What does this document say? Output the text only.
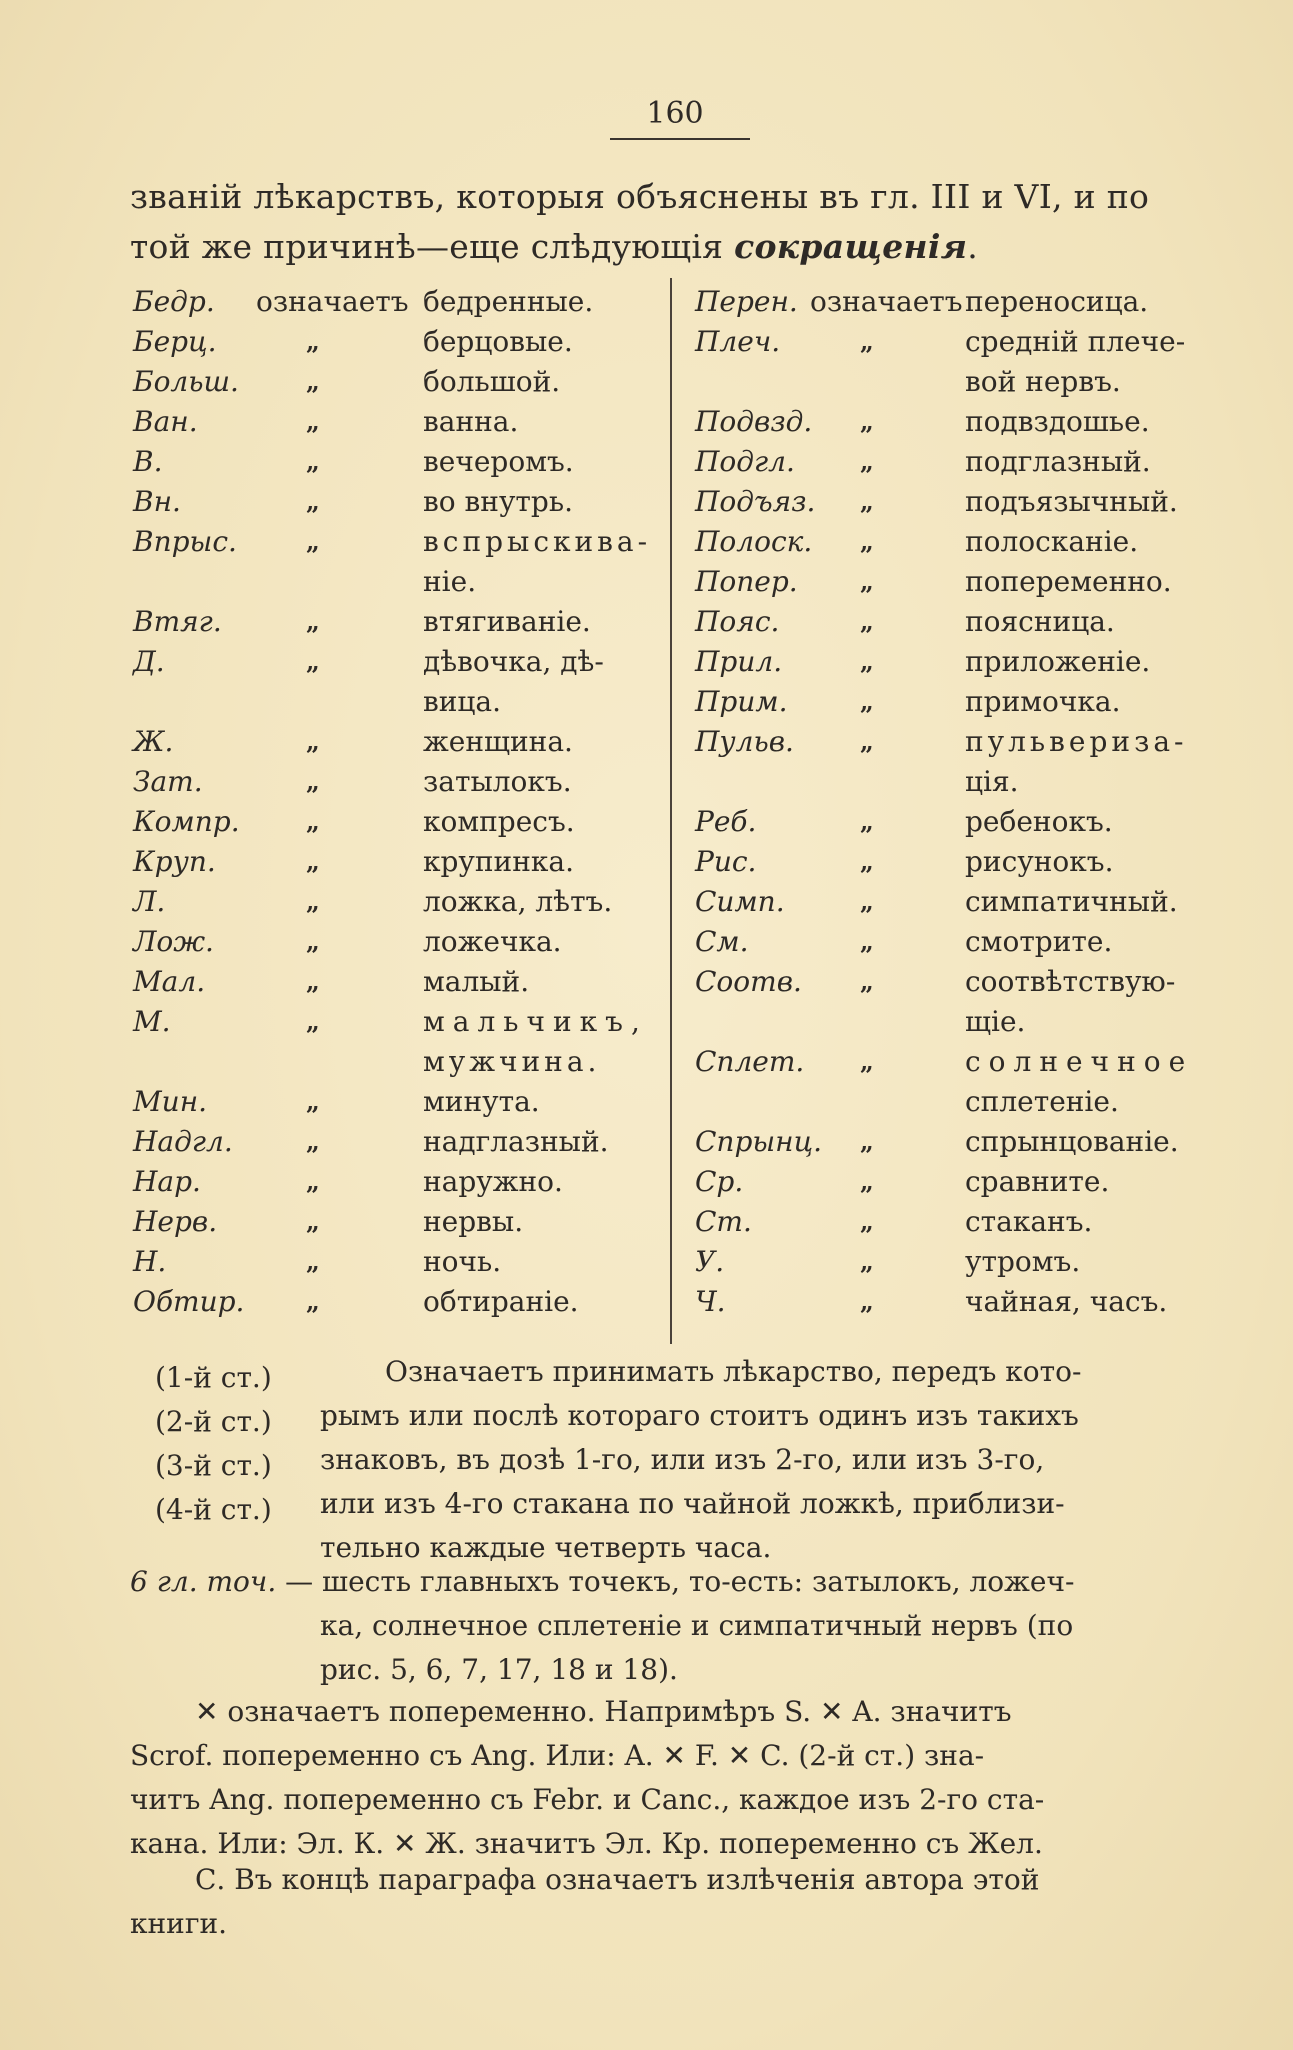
160
званій лѣкарствъ, которыя объяснены въ гл. III и VI, и по
той же причинѣ—еще слѣдующія сокращенія.
Бедр. означаетъ бедренные.
Берц.	„	берцовые.
Больш.	„	большой.
Ван.	„	ванна.
В.	„	вечеромъ.
Вн.	„	во внутрь.
Впрыс.	„	вспрыскива-
ніе.
Втяг.	„	втягиваніе.
Д.	„	дѣвочка, дѣ-
вица.
Ж.	„	женщина.
Зат.	„	затылокъ.
Компр.	„	компресъ.
Круп.	„	крупинка.
Л.	„	ложка, лѣтъ.
Лож.	„	ложечка.
Мал.	„	малый.
М.	„	мальчикъ,
мужчина.
Мин.	„	минута.
Надгл.	„	надглазный.
Нар.	„	наружно.
Нерв.	„	нервы.
Н.	„	ночь.
Обтир.	„	обтираніе.
Перен. означаетъ переносица.
Плеч.	„	средній плече-
вой нервъ.
Подвзд. „	подвздошье.
Подгл.	„	подглазный.
Подъяз. „	подъязычный.
Полоск. „	полосканіе.
Попер.	„	попеременно.
Пояс.	„	поясница.
Прил.	„	приложеніе.
Прим.	„	примочка.
Пульв.	„	пульвериза-
ція.
Реб.	„	ребенокъ.
Рис.	„	рисунокъ.
Симп.	„	симпатичный.
См.	„	смотрите.
Соотв. „	соотвѣтствую-
щіе.
Сплет. „	солнечное
сплетеніе.
Спрынц. „	спрынцованіе.
Ср.	„	сравните.
Ст.	„	стаканъ.
У.	„	утромъ.
Ч.	„	чайная, часъ.
(1-й ст.)
(2-й ст.)
(3-й ст.)
(4-й ст.)
Означаетъ принимать лѣкарство, передъ кото-
рымъ или послѣ котораго стоитъ одинъ изъ такихъ
знаковъ, въ дозѣ 1-го, или изъ 2-го, или изъ 3-го,
или изъ 4-го стакана по чайной ложкѣ, приблизи-
тельно каждые четверть часа.
6 гл. точ. — шесть главныхъ точекъ, то-есть: затылокъ, ложеч-
ка, солнечное сплетеніе и симпатичный нервъ (по
рис. 5, 6, 7, 17, 18 и 18).
✕ означаетъ попеременно. Напримѣръ S. ✕ A. значитъ
Scrof. попеременно съ Ang. Или: A. ✕ F. ✕ C. (2-й ст.) зна-
читъ Ang. попеременно съ Febr. и Canc., каждое изъ 2-го ста-
кана. Или: Эл. К. ✕ Ж. значитъ Эл. Кр. попеременно съ Жел.
С. Въ концѣ параграфа означаетъ излѣченія автора этой
книги.
